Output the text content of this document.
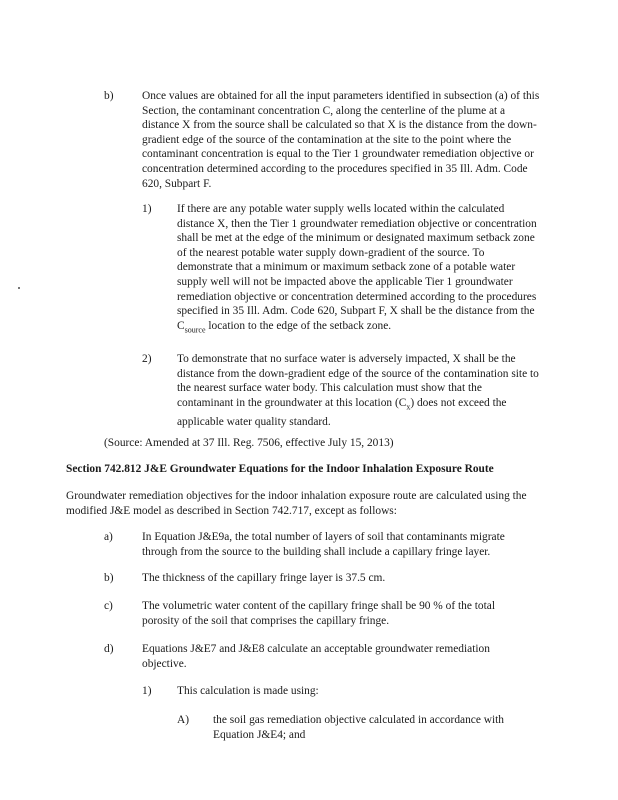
b)	Once values are obtained for all the input parameters identified in subsection (a) of this Section, the contaminant concentration C, along the centerline of the plume at a distance X from the source shall be calculated so that X is the distance from the down-gradient edge of the source of the contamination at the site to the point where the contaminant concentration is equal to the Tier 1 groundwater remediation objective or concentration determined according to the procedures specified in 35 Ill. Adm. Code 620, Subpart F.

1) If there are any potable water supply wells located within the calculated distance X, then the Tier 1 groundwater remediation objective or concentration shall be met at the edge of the minimum or designated maximum setback zone of the nearest potable water supply down-gradient of the source. To demonstrate that a minimum or maximum setback zone of a potable water supply well will not be impacted above the applicable Tier 1 groundwater remediation objective or concentration determined according to the procedures specified in 35 Ill. Adm. Code 620, Subpart F, X shall be the distance from the $C_{source}$ location to the edge of the setback zone.

2) To demonstrate that no surface water is adversely impacted, X shall be the distance from the down-gradient edge of the source of the contamination site to the nearest surface water body. This calculation must show that the contaminant in the groundwater at this location $(C_x)$ does not exceed the applicable water quality standard.

(Source: Amended at 37 Ill. Reg. 7506, effective July 15, 2013)

Section 742.812 J&E Groundwater Equations for the Indoor Inhalation Exposure Route

Groundwater remediation objectives for the indoor inhalation exposure route are calculated using the modified J&E model as described in Section 742.717, except as follows:

a)	In Equation J&E9a, the total number of layers of soil that contaminants migrate through from the source to the building shall include a capillary fringe layer.

b)	The thickness of the capillary fringe layer is 37.5 cm.

c)	The volumetric water content of the capillary fringe shall be 90 % of the total porosity of the soil that comprises the capillary fringe.

d)	Equations J&E7 and J&E8 calculate an acceptable groundwater remediation objective.

1) This calculation is made using:

A) the soil gas remediation objective calculated in accordance with Equation J&E4; and
